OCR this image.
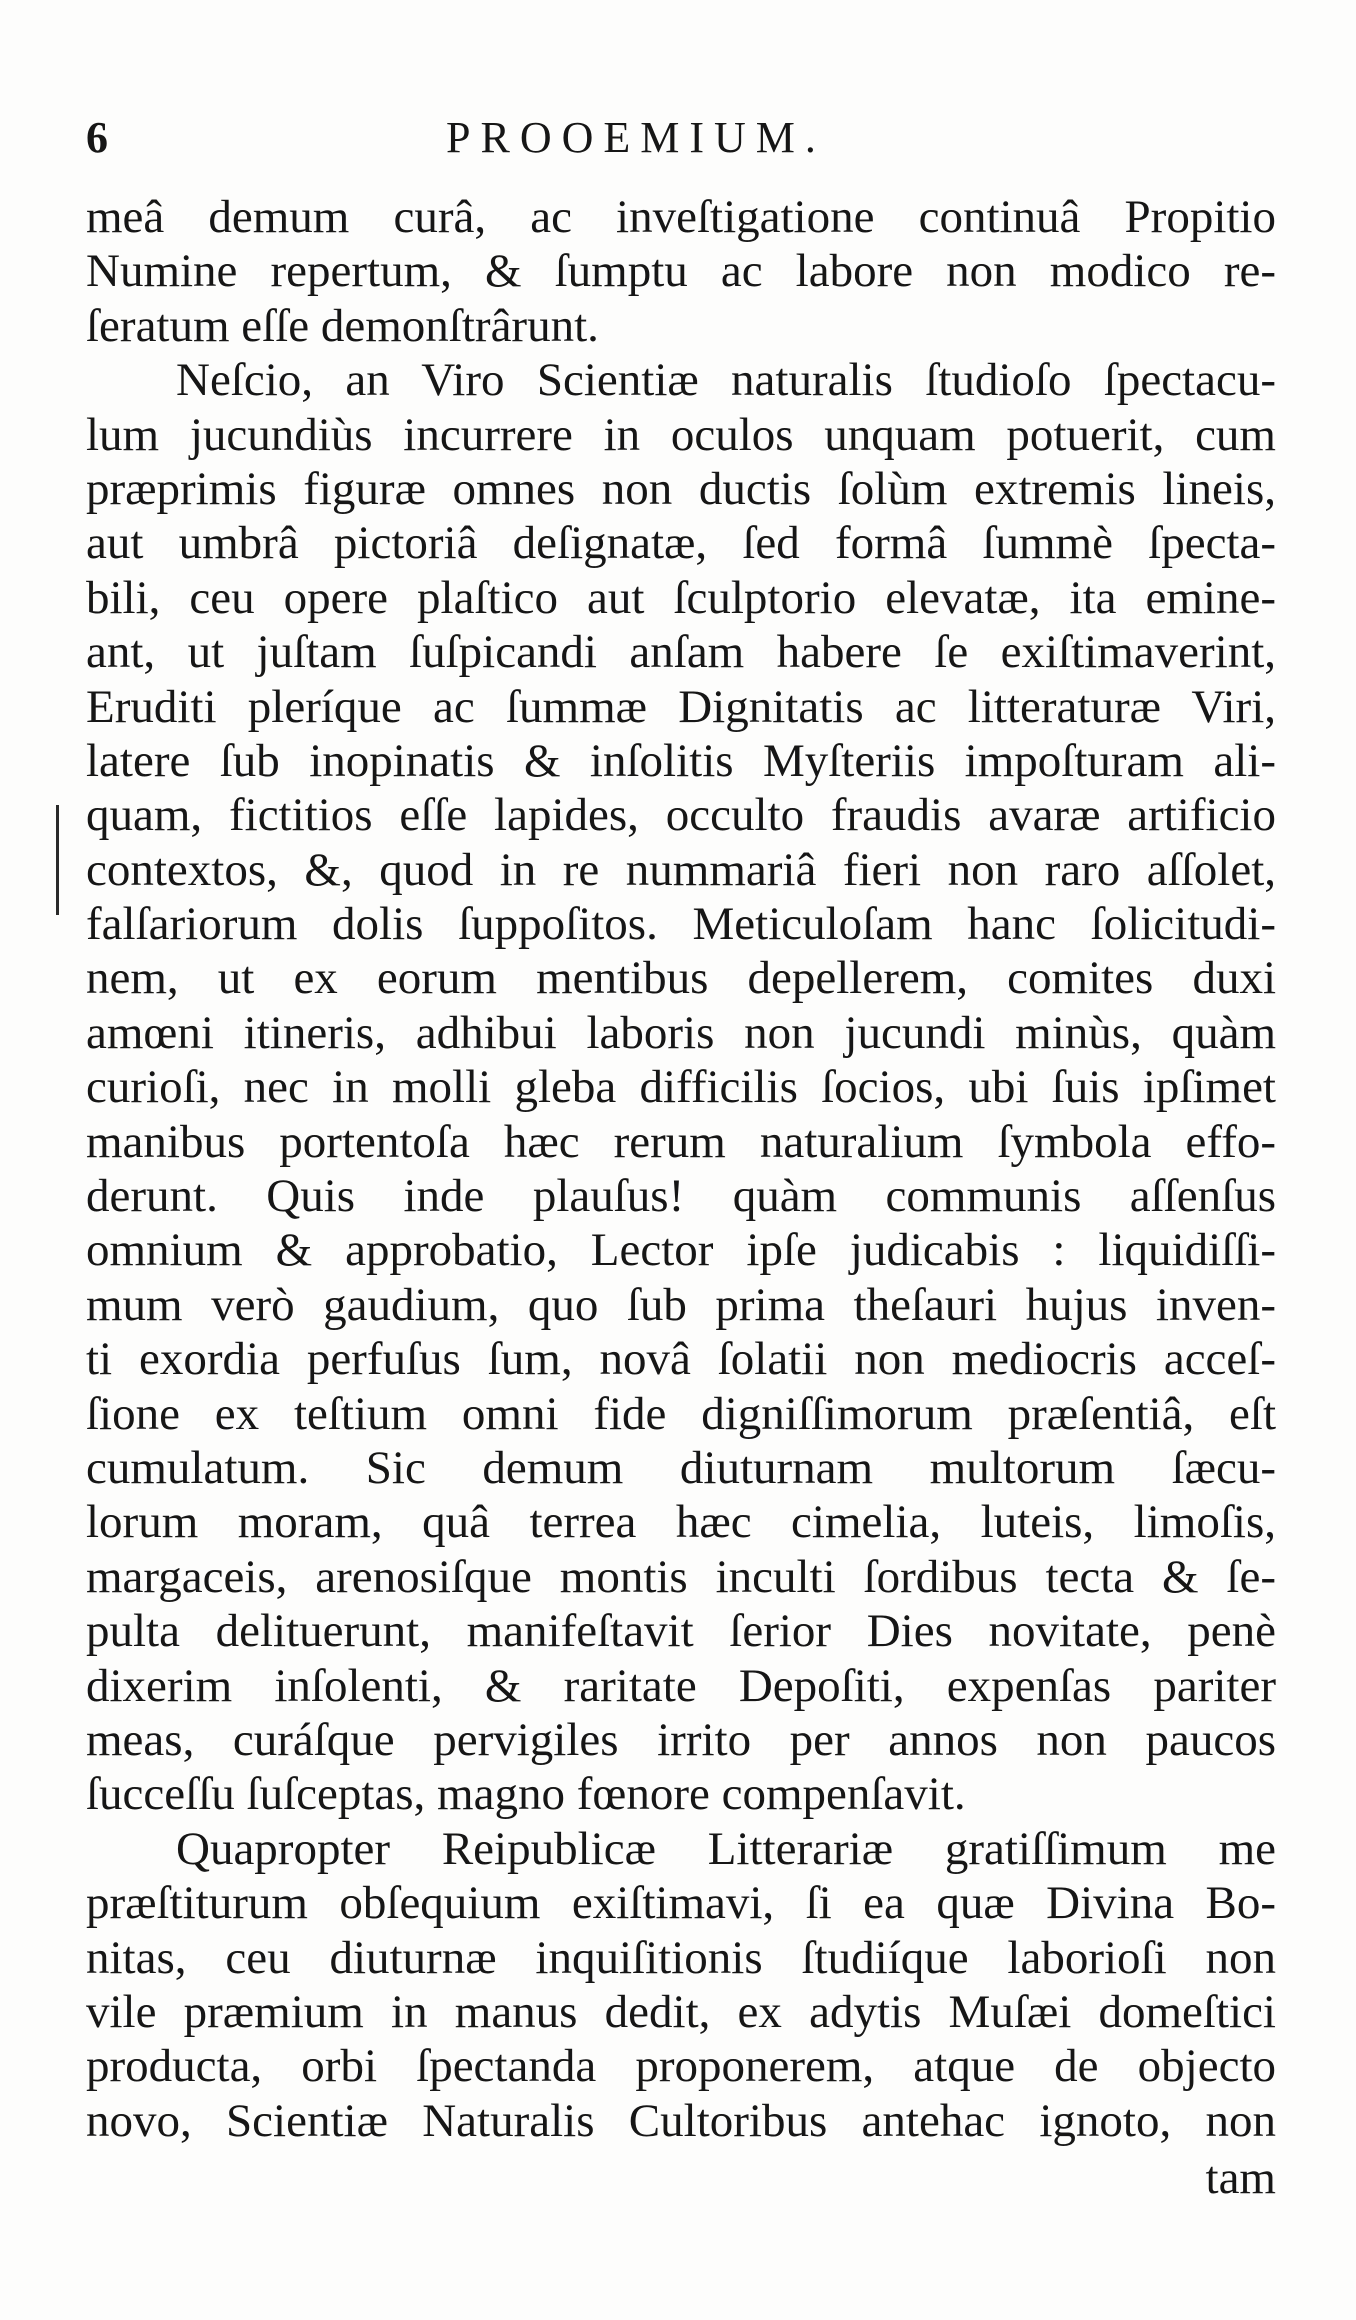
6	PROOEMIUM.
meâ demum curâ, ac inveſtigatione continuâ Propitio
Numine repertum, & ſumptu ac labore non modico re-
ſeratum eſſe demonſtrârunt.
Neſcio, an Viro Scientiæ naturalis ſtudioſo ſpectacu-
lum jucundiùs incurrere in oculos unquam potuerit, cum
præprimis figuræ omnes non ductis ſolùm extremis lineis,
aut umbrâ pictoriâ deſignatæ, ſed formâ ſummè ſpecta-
bili, ceu opere plaſtico aut ſculptorio elevatæ, ita emine-
ant, ut juſtam ſuſpicandi anſam habere ſe exiſtimaverint,
Eruditi pleríque ac ſummæ Dignitatis ac litteraturæ Viri,
latere ſub inopinatis & inſolitis Myſteriis impoſturam ali-
quam, fictitios eſſe lapides, occulto fraudis avaræ artificio
contextos, &, quod in re nummariâ fieri non raro aſſolet,
falſariorum dolis ſuppoſitos. Meticuloſam hanc ſolicitudi-
nem, ut ex eorum mentibus depellerem, comites duxi
amœni itineris, adhibui laboris non jucundi minùs, quàm
curioſi, nec in molli gleba difficilis ſocios, ubi ſuis ipſimet
manibus portentoſa hæc rerum naturalium ſymbola effo-
derunt. Quis inde plauſus! quàm communis aſſenſus
omnium & approbatio, Lector ipſe judicabis : liquidiſſi-
mum verò gaudium, quo ſub prima theſauri hujus inven-
ti exordia perfuſus ſum, novâ ſolatii non mediocris acceſ-
ſione ex teſtium omni fide digniſſimorum præſentiâ, eſt
cumulatum. Sic demum diuturnam multorum ſæcu-
lorum moram, quâ terrea hæc cimelia, luteis, limoſis,
margaceis, arenosiſque montis inculti ſordibus tecta & ſe-
pulta delituerunt, manifeſtavit ſerior Dies novitate, penè
dixerim inſolenti, & raritate Depoſiti, expenſas pariter
meas, curáſque pervigiles irrito per annos non paucos
ſucceſſu ſuſceptas, magno fœnore compenſavit.
Quapropter Reipublicæ Litterariæ gratiſſimum me
præſtiturum obſequium exiſtimavi, ſi ea quæ Divina Bo-
nitas, ceu diuturnæ inquiſitionis ſtudiíque laborioſi non
vile præmium in manus dedit, ex adytis Muſæi domeſtici
producta, orbi ſpectanda proponerem, atque de objecto
novo, Scientiæ Naturalis Cultoribus antehac ignoto, non
tam
